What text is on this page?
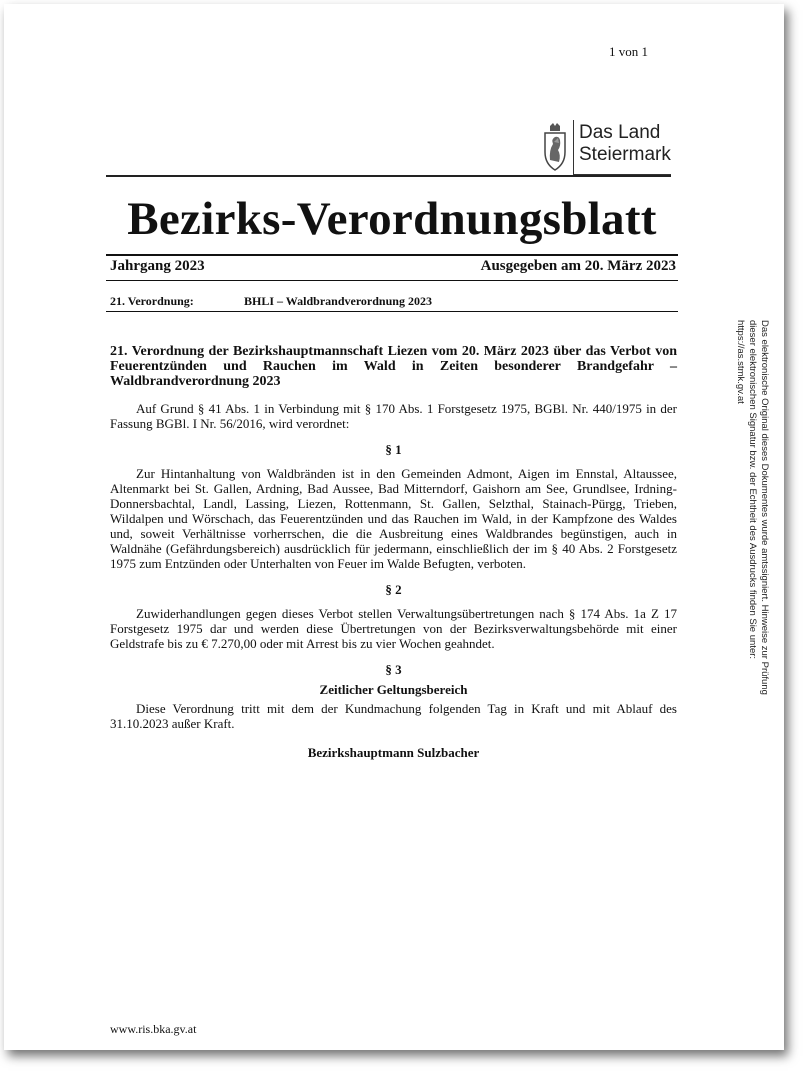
1 von 1
Das Land
Steiermark
Bezirks-Verordnungsblatt
Jahrgang 2023	Ausgegeben am 20. März 2023
21. Verordnung:	BHLI – Waldbrandverordnung 2023
21. Verordnung der Bezirkshauptmannschaft Liezen vom 20. März 2023 über das Verbot von Feuerentzünden und Rauchen im Wald in Zeiten besonderer Brandgefahr – Waldbrandverordnung 2023
Auf Grund § 41 Abs. 1 in Verbindung mit § 170 Abs. 1 Forstgesetz 1975, BGBl. Nr. 440/1975 in der Fassung BGBl. I Nr. 56/2016, wird verordnet:
§ 1
Zur Hintanhaltung von Waldbränden ist in den Gemeinden Admont, Aigen im Ennstal, Altaussee, Altenmarkt bei St. Gallen, Ardning, Bad Aussee, Bad Mitterndorf, Gaishorn am See, Grundlsee, Irdning-Donnersbachtal, Landl, Lassing, Liezen, Rottenmann, St. Gallen, Selzthal, Stainach-Pürgg, Trieben, Wildalpen und Wörschach, das Feuerentzünden und das Rauchen im Wald, in der Kampfzone des Waldes und, soweit Verhältnisse vorherrschen, die die Ausbreitung eines Waldbrandes begünstigen, auch in Waldnähe (Gefährdungsbereich) ausdrücklich für jedermann, einschließlich der im § 40 Abs. 2 Forstgesetz 1975 zum Entzünden oder Unterhalten von Feuer im Walde Befugten, verboten.
§ 2
Zuwiderhandlungen gegen dieses Verbot stellen Verwaltungsübertretungen nach § 174 Abs. 1a Z 17 Forstgesetz 1975 dar und werden diese Übertretungen von der Bezirksverwaltungsbehörde mit einer Geldstrafe bis zu € 7.270,00 oder mit Arrest bis zu vier Wochen geahndet.
§ 3
Zeitlicher Geltungsbereich
Diese Verordnung tritt mit dem der Kundmachung folgenden Tag in Kraft und mit Ablauf des 31.10.2023 außer Kraft.
Bezirkshauptmann Sulzbacher
www.ris.bka.gv.at
Das elektronische Original dieses Dokumentes wurde amtssigniert. Hinweise zur Prüfung dieser elektronischen Signatur bzw. der Echtheit des Ausdrucks finden Sie unter: https://as.stmk.gv.at
